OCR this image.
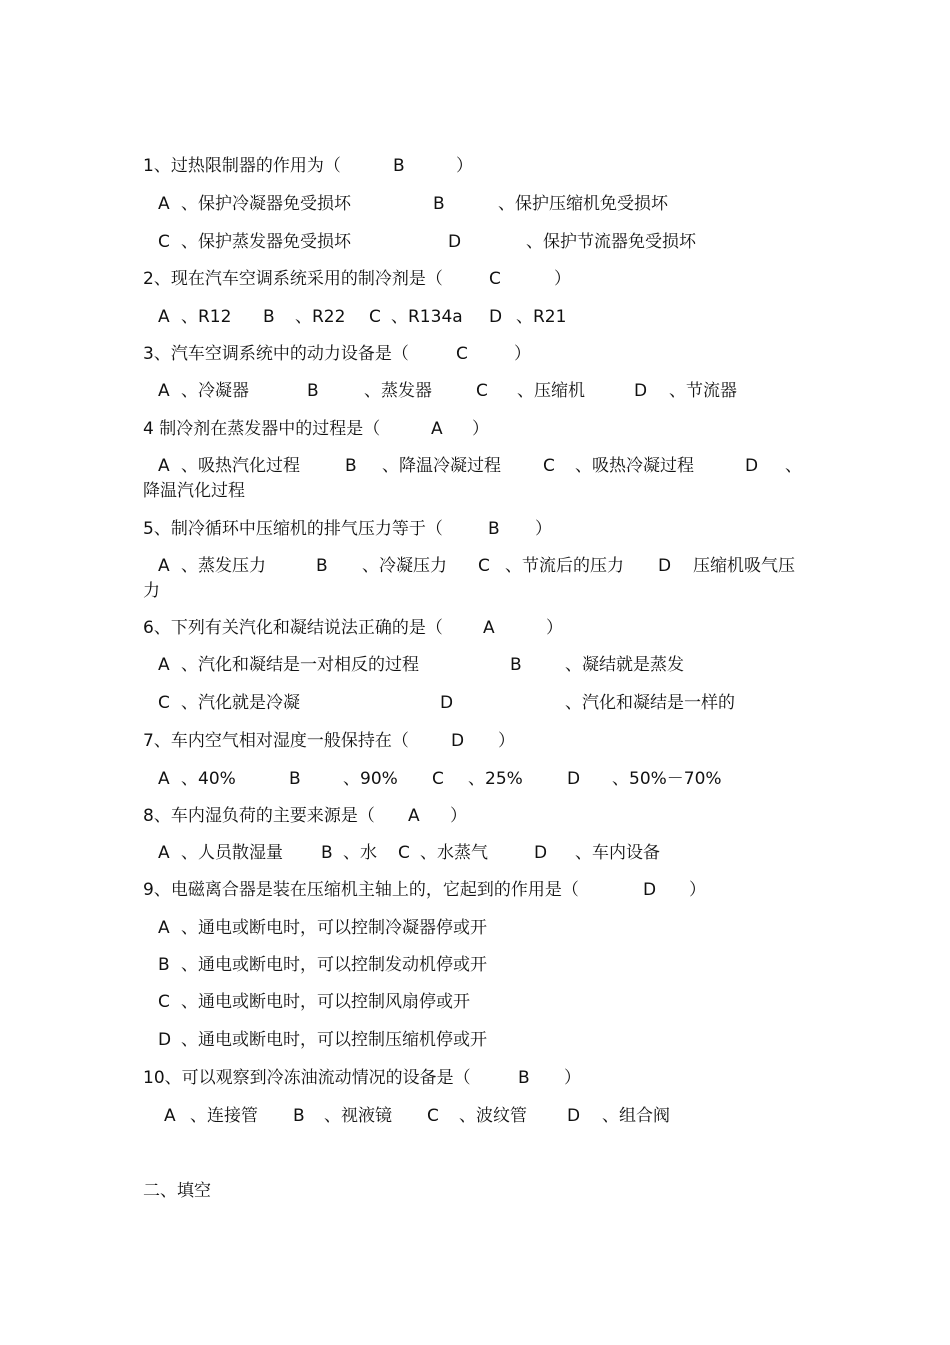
1、过热限制器的作用为（	B	）
A 、保护冷凝器免受损坏	B	、保护压缩机免受损坏
C 、保护蒸发器免受损坏	D	、保护节流器免受损坏
2、现在汽车空调系统采用的制冷剂是（	C	）
A 、R12 B 、R22 C 、R134a D 、R21
3、汽车空调系统中的动力设备是（	C	）
A 、冷凝器	B	、蒸发器	C 、压缩机	D 、节流器
4 制冷剂在蒸发器中的过程是（	A ）
A 、吸热汽化过程	B 、降温冷凝过程 C 、吸热冷凝过程	D 、
降温汽化过程
5、制冷循环中压缩机的排气压力等于（	B ）
A 、蒸发压力	B 、冷凝压力 C 、节流后的压力 D 压缩机吸气压
力
6、下列有关汽化和凝结说法正确的是（ A	）
A 、汽化和凝结是一对相反的过程	B	、凝结就是蒸发
C 、汽化就是冷凝	D	、汽化和凝结是一样的
7、车内空气相对湿度一般保持在（ D ）
A 、40%	B 、90% C 、25%	D 、50%－70%
8、车内湿负荷的主要来源是（ A ）
A 、人员散湿量 B 、水 C 、水蒸气	D 、车内设备
9、电磁离合器是装在压缩机主轴上的，它起到的作用是（	D ）
A 、通电或断电时，可以控制冷凝器停或开
B 、通电或断电时，可以控制发动机停或开
C 、通电或断电时，可以控制风扇停或开
D 、通电或断电时，可以控制压缩机停或开
10、可以观察到冷冻油流动情况的设备是（	B ）
A 、连接管 B 、视液镜 C 、波纹管 D 、组合阀
二、填空
